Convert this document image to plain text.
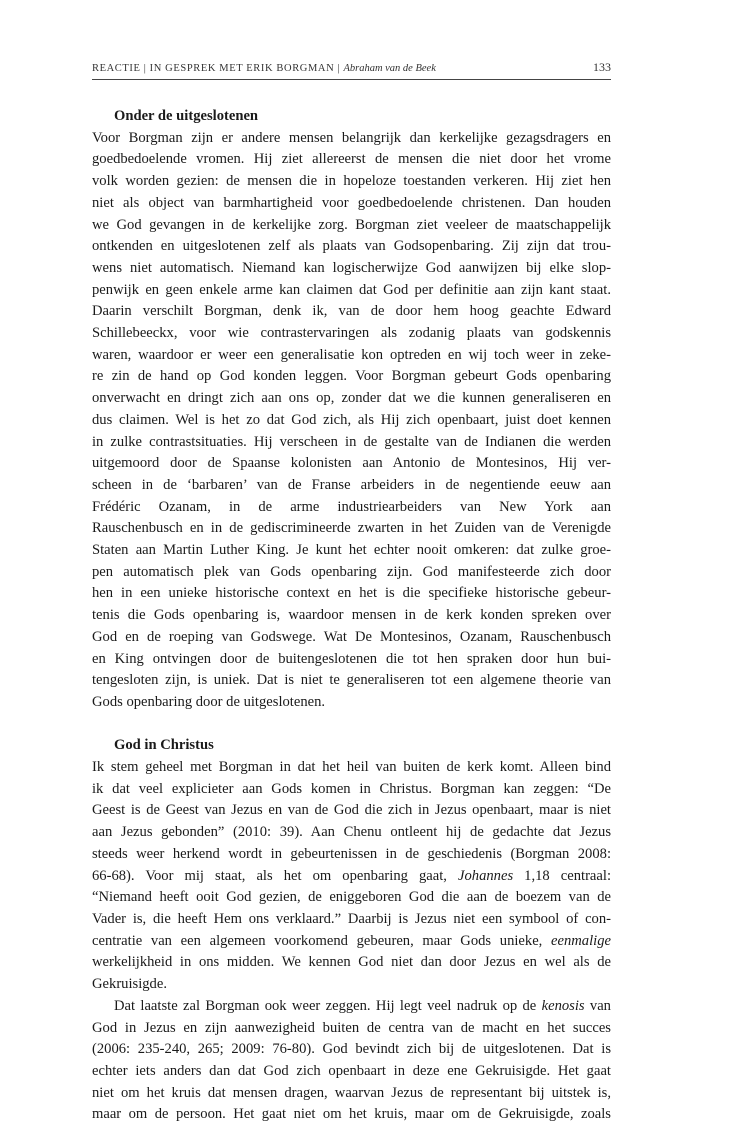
REACTIE | IN GESPREK MET ERIK BORGMAN | Abraham van de Beek	133
Onder de uitgeslotenen
Voor Borgman zijn er andere mensen belangrijk dan kerkelijke gezagsdragers en
goedbedoelende vromen. Hij ziet allereerst de mensen die niet door het vrome
volk worden gezien: de mensen die in hopeloze toestanden verkeren. Hij ziet hen
niet als object van barmhartigheid voor goedbedoelende christenen. Dan houden
we God gevangen in de kerkelijke zorg. Borgman ziet veeleer de maatschappelijk
ontkenden en uitgeslotenen zelf als plaats van Godsopenbaring. Zij zijn dat trou-
wens niet automatisch. Niemand kan logischerwijze God aanwijzen bij elke slop-
penwijk en geen enkele arme kan claimen dat God per definitie aan zijn kant staat.
Daarin verschilt Borgman, denk ik, van de door hem hoog geachte Edward
Schillebeeckx, voor wie contrastervaringen als zodanig plaats van godskennis
waren, waardoor er weer een generalisatie kon optreden en wij toch weer in zeke-
re zin de hand op God konden leggen. Voor Borgman gebeurt Gods openbaring
onverwacht en dringt zich aan ons op, zonder dat we die kunnen generaliseren en
dus claimen. Wel is het zo dat God zich, als Hij zich openbaart, juist doet kennen
in zulke contrastsituaties. Hij verscheen in de gestalte van de Indianen die werden
uitgemoord door de Spaanse kolonisten aan Antonio de Montesinos, Hij ver-
scheen in de ‘barbaren’ van de Franse arbeiders in de negentiende eeuw aan
Frédéric Ozanam, in de arme industriearbeiders van New York aan
Rauschenbusch en in de gediscrimineerde zwarten in het Zuiden van de Verenigde
Staten aan Martin Luther King. Je kunt het echter nooit omkeren: dat zulke groe-
pen automatisch plek van Gods openbaring zijn. God manifesteerde zich door
hen in een unieke historische context en het is die specifieke historische gebeur-
tenis die Gods openbaring is, waardoor mensen in de kerk konden spreken over
God en de roeping van Godswege. Wat De Montesinos, Ozanam, Rauschenbusch
en King ontvingen door de buitengeslotenen die tot hen spraken door hun bui-
tengesloten zijn, is uniek. Dat is niet te generaliseren tot een algemene theorie van
Gods openbaring door de uitgeslotenen.
God in Christus
Ik stem geheel met Borgman in dat het heil van buiten de kerk komt. Alleen bind
ik dat veel explicieter aan Gods komen in Christus. Borgman kan zeggen: “De
Geest is de Geest van Jezus en van de God die zich in Jezus openbaart, maar is niet
aan Jezus gebonden” (2010: 39). Aan Chenu ontleent hij de gedachte dat Jezus
steeds weer herkend wordt in gebeurtenissen in de geschiedenis (Borgman 2008:
66-68). Voor mij staat, als het om openbaring gaat, Johannes 1,18 centraal:
“Niemand heeft ooit God gezien, de eniggeboren God die aan de boezem van de
Vader is, die heeft Hem ons verklaard.” Daarbij is Jezus niet een symbool of con-
centratie van een algemeen voorkomend gebeuren, maar Gods unieke, eenmalige
werkelijkheid in ons midden. We kennen God niet dan door Jezus en wel als de
Gekruisigde.
Dat laatste zal Borgman ook weer zeggen. Hij legt veel nadruk op de kenosis van
God in Jezus en zijn aanwezigheid buiten de centra van de macht en het succes
(2006: 235-240, 265; 2009: 76-80). God bevindt zich bij de uitgeslotenen. Dat is
echter iets anders dan dat God zich openbaart in deze ene Gekruisigde. Het gaat
niet om het kruis dat mensen dragen, waarvan Jezus de representant bij uitstek is,
maar om de persoon. Het gaat niet om het kruis, maar om de Gekruisigde, zoals
